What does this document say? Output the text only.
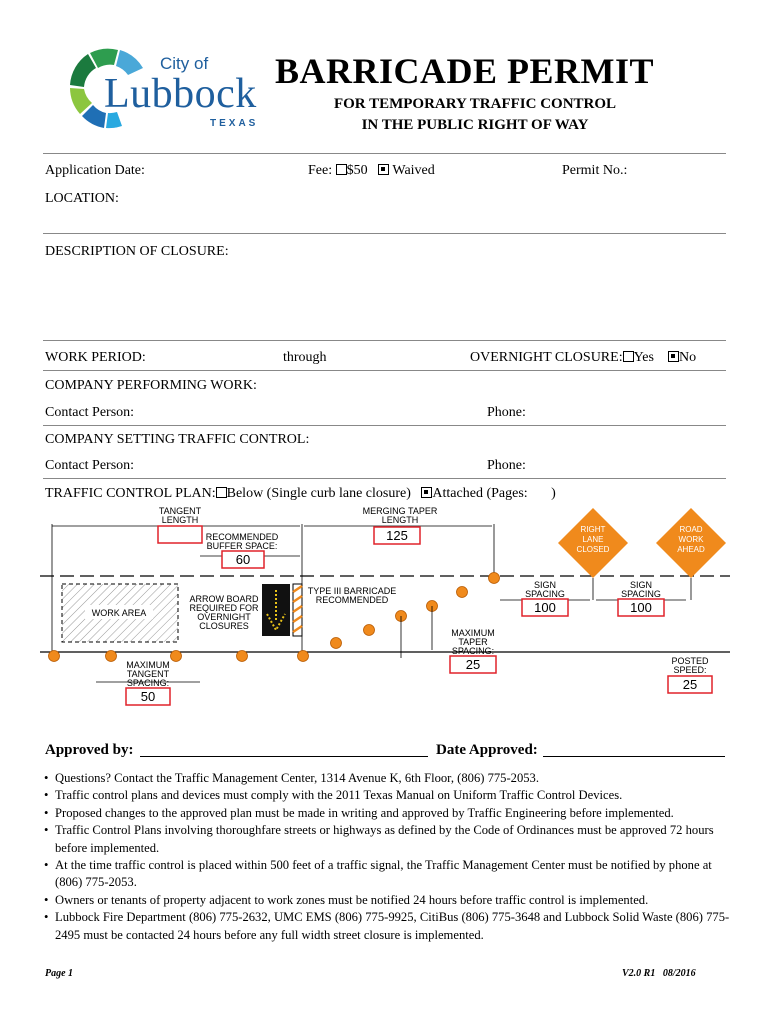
City of
Lubbock
TEXAS
BARRICADE PERMIT
FOR TEMPORARY TRAFFIC CONTROL
IN THE PUBLIC RIGHT OF WAY
Application Date:	Fee: $50 Waived	Permit No.:
LOCATION:
DESCRIPTION OF CLOSURE:
WORK PERIOD:	through	OVERNIGHT CLOSURE: Yes No
COMPANY PERFORMING WORK:
Contact Person:	Phone:
COMPANY SETTING TRAFFIC CONTROL:
Contact Person:	Phone:
TRAFFIC CONTROL PLAN: Below (Single curb lane closure) Attached (Pages: )
TANGENT
LENGTH
MERGING TAPER
LENGTH
125
RECOMMENDED
BUFFER SPACE:
60
RIGHT
LANE
CLOSED
ROAD
WORK
AHEAD
SIGN
SPACING
100
SIGN
SPACING
100
WORK AREA
ARROW BOARD
REQUIRED FOR
OVERNIGHT
CLOSURES
TYPE III BARRICADE
RECOMMENDED
MAXIMUM
TAPER
SPACING:
25	POSTED
SPEED:
25
MAXIMUM
TANGENT
SPACING:
50
Approved by:	Date Approved:
• Questions? Contact the Traffic Management Center, 1314 Avenue K, 6th Floor, (806) 775-2053.
• Traffic control plans and devices must comply with the 2011 Texas Manual on Uniform Traffic Control Devices.
• Proposed changes to the approved plan must be made in writing and approved by Traffic Engineering before implemented.
• Traffic Control Plans involving thoroughfare streets or highways as defined by the Code of Ordinances must be approved 72 hours before implemented.
• At the time traffic control is placed within 500 feet of a traffic signal, the Traffic Management Center must be notified by phone at (806) 775-2053.
• Owners or tenants of property adjacent to work zones must be notified 24 hours before traffic control is implemented.
• Lubbock Fire Department (806) 775-2632, UMC EMS (806) 775-9925, CitiBus (806) 775-3648 and Lubbock Solid Waste (806) 775-2495 must be contacted 24 hours before any full width street closure is implemented.
Page 1	V2.0 R1   08/2016
